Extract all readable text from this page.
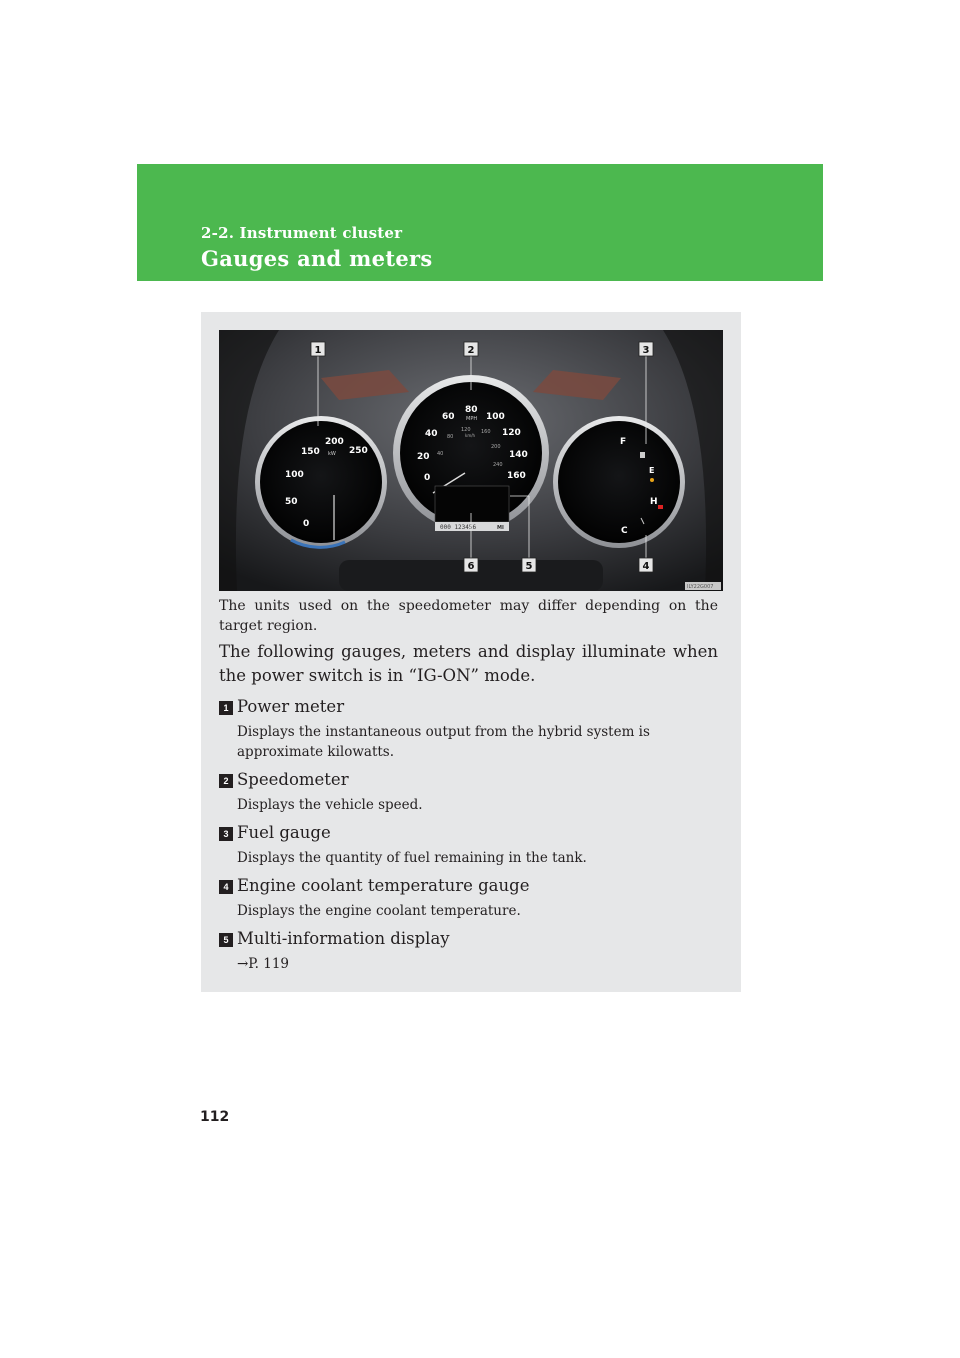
2-2. Instrument cluster
Gauges and meters
0
50
100
150
200
250
kW
0
20
40
60
80
100
120
140
160
MPH
40
80
120 160
200
240
km/h
000 123456	MI
F
E
H
C
1	2	3
4
5
6
ILY22G007
The units used on the speedometer may differ depending on the target region.
The following gauges, meters and display illuminate when the power switch is in “IG-ON” mode.
1 Power meter
Displays the instantaneous output from the hybrid system is approximate kilowatts.
2 Speedometer
Displays the vehicle speed.
3 Fuel gauge
Displays the quantity of fuel remaining in the tank.
4 Engine coolant temperature gauge
Displays the engine coolant temperature.
5 Multi-information display
→P. 119
112
